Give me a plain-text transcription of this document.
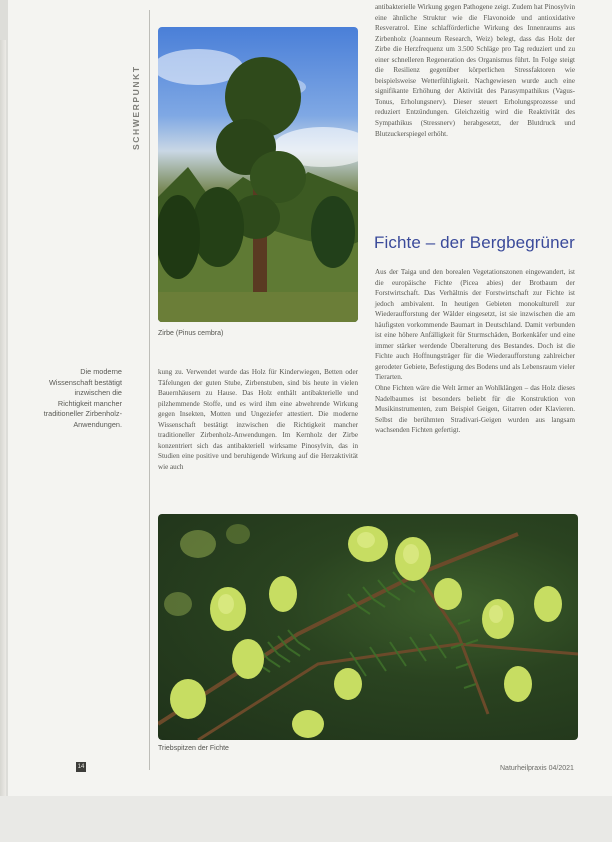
SCHWERPUNKT
Zirbe (Pinus cembra)
Die moderne Wissenschaft bestätigt inzwischen die Richtigkeit mancher traditioneller Zirbenholz-Anwendungen.

kung zu. Verwendet wurde das Holz für Kinderwiegen, Betten oder Täfelungen der guten Stube, Zirbenstuben, sind bis heute in vielen Bauernhäusern zu Hause. Das Holz enthält antibakterielle und pilzhemmende Stoffe, und es wird ihm eine abwehrende Wirkung gegen Insekten, Motten und Ungeziefer attestiert. Die moderne Wissenschaft bestätigt inzwischen die Richtigkeit mancher traditioneller Zirbenholz-Anwendungen. Im Kernholz der Zirbe konzentriert sich das antibakteriell wirksame Pinosylvin, das in Studien eine positive und beruhigende Wirkung auf die Herzaktivität wie auch

antibakterielle Wirkung gegen Pathogene zeigt. Zudem hat Pinosylvin eine ähnliche Struktur wie die Flavonoide und antioxidative Resveratrol. Eine schlafförderliche Wirkung des Innenraums aus Zirbenholz (Joanneum Research, Weiz) belegt, dass das Holz der Zirbe die Herzfrequenz um 3.500 Schläge pro Tag reduziert und zu einer schnelleren Regeneration des Organismus führt. In Folge steigt die Resilienz gegenüber körperlichen Stressfaktoren wie beispielsweise Wetterfühligkeit. Nachgewiesen wurde auch eine signifikante Erhöhung der Aktivität des Parasympathikus (Vagus-Tonus, Erholungsnerv). Dieser steuert Erholungsprozesse und reduziert Entzündungen. Gleichzeitig wird die Reaktivität des Sympathikus (Stressnerv) herabgesetzt, der Blutdruck und Blutzuckerspiegel erhöht.

Fichte – der Bergbegrüner

Aus der Taiga und den borealen Vegetationszonen eingewandert, ist die europäische Fichte (Picea abies) der Brotbaum der Forstwirtschaft. Das Verhältnis der Forstwirtschaft zur Fichte ist jedoch ambivalent. In heutigen Gebieten monokulturell zur Wiederaufforstung der Wälder eingesetzt, ist sie inzwischen die am häufigsten vorkommende Baumart in Deutschland. Damit verbunden ist eine höhere Anfälligkeit für Sturmschäden, Borkenkäfer und eine immer stärker werdende Überalterung des Bestandes. Doch ist die Fichte auch Hoffnungsträger für die Wiederaufforstung zahlreicher gerodeter Gebiete, Befestigung des Bodens und als Lebensraum vieler Tierarten.

Ohne Fichten wäre die Welt ärmer an Wohlklängen – das Holz dieses Nadelbaumes ist besonders beliebt für die Konstruktion von Musikinstrumenten, zum Beispiel Geigen, Gitarren oder Klavieren. Selbst die berühmten Stradivari-Geigen wurden aus langsam wachsenden Fichten gefertigt.

Triebspitzen der Fichte
14	Naturheilpraxis 04/2021
